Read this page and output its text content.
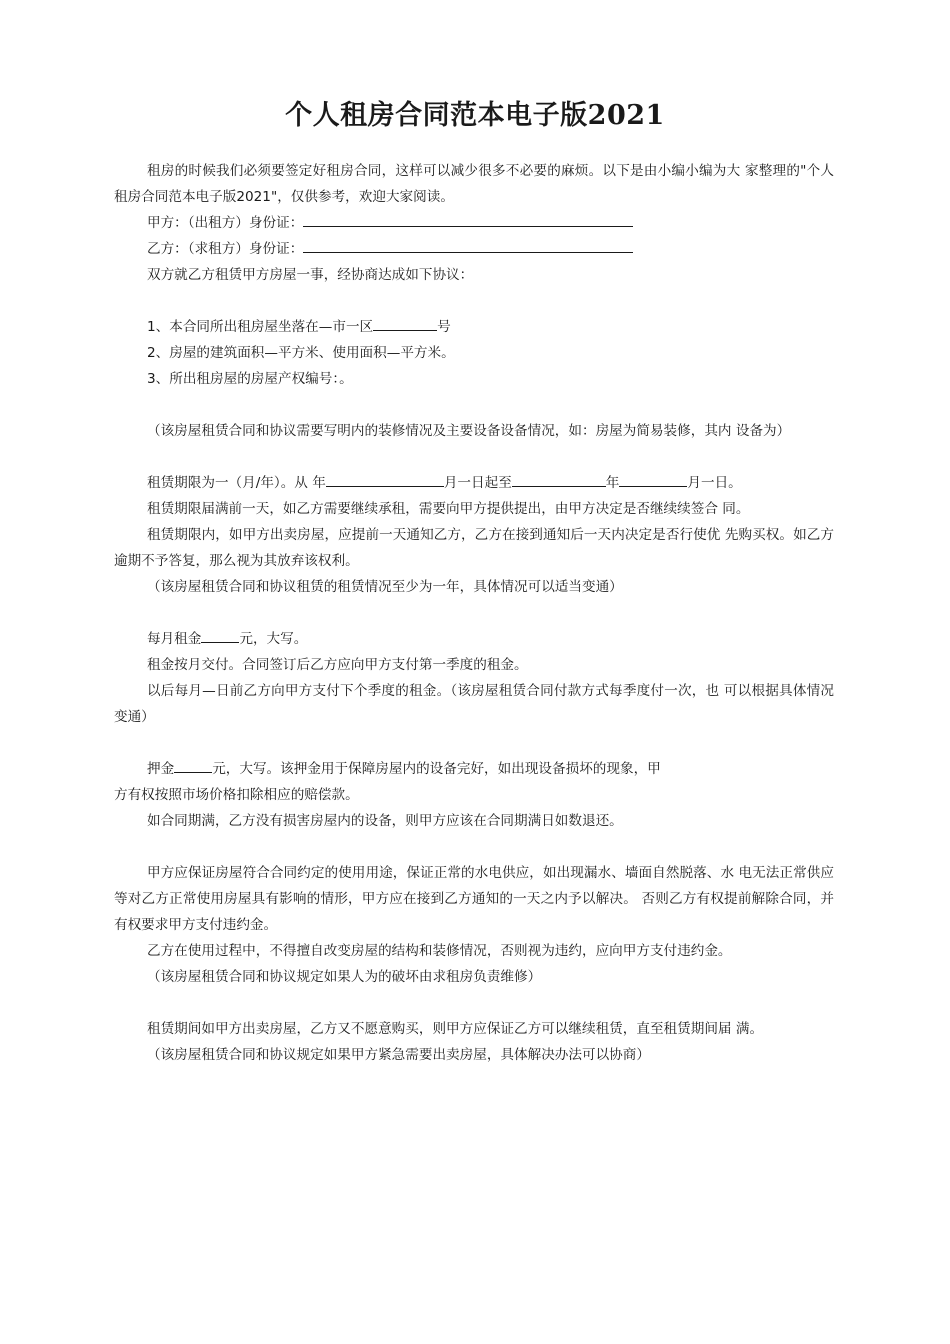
个人租房合同范本电子版2021

租房的时候我们必须要签定好租房合同，这样可以减少很多不必要的麻烦。以下是由小编小编为大 家整理的"个人租房合同范本电子版2021"，仅供参考，欢迎大家阅读。

甲方：（出租方）身份证：

乙方：（求租方）身份证：

双方就乙方租赁甲方房屋一事，经协商达成如下协议：

1、本合同所出租房屋坐落在—市一区	号

2、房屋的建筑面积—平方米、使用面积—平方米。

3、所出租房屋的房屋产权编号：。

（该房屋租赁合同和协议需要写明内的装修情况及主要设备设备情况，如：房屋为简易装修，其内 设备为）

租赁期限为一（月/年）。从 年	月一日起至	年	月一日。

租赁期限届满前一天，如乙方需要继续承租，需要向甲方提供提出，由甲方决定是否继续续签合 同。

租赁期限内，如甲方出卖房屋，应提前一天通知乙方，乙方在接到通知后一天内决定是否行使优 先购买权。如乙方逾期不予答复，那么视为其放弃该权利。

（该房屋租赁合同和协议租赁的租赁情况至少为一年，具体情况可以适当变通）

每月租金	元，大写。

租金按月交付。合同签订后乙方应向甲方支付第一季度的租金。

以后每月—日前乙方向甲方支付下个季度的租金。（该房屋租赁合同付款方式每季度付一次，也 可以根据具体情况变通）

押金	元，大写。该押金用于保障房屋内的设备完好，如出现设备损坏的现象，甲

方有权按照市场价格扣除相应的赔偿款。

如合同期满，乙方没有损害房屋内的设备，则甲方应该在合同期满日如数退还。

甲方应保证房屋符合合同约定的使用用途，保证正常的水电供应，如出现漏水、墙面自然脱落、水 电无法正常供应等对乙方正常使用房屋具有影响的情形，甲方应在接到乙方通知的一天之内予以解决。 否则乙方有权提前解除合同，并有权要求甲方支付违约金。

乙方在使用过程中，不得擅自改变房屋的结构和装修情况，否则视为违约，应向甲方支付违约金。

（该房屋租赁合同和协议规定如果人为的破坏由求租房负责维修）

租赁期间如甲方出卖房屋，乙方又不愿意购买，则甲方应保证乙方可以继续租赁，直至租赁期间届 满。

（该房屋租赁合同和协议规定如果甲方紧急需要出卖房屋，具体解决办法可以协商）
